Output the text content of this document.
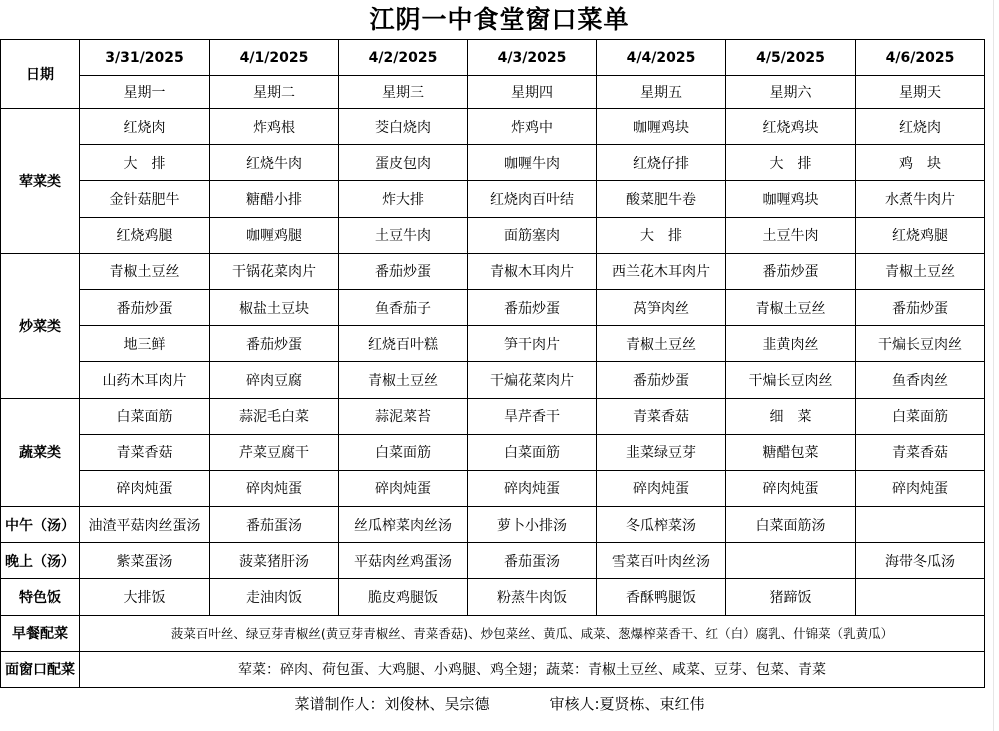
江阴一中食堂窗口菜单
日期	3/31/2025	4/1/2025	4/2/2025	4/3/2025	4/4/2025	4/5/2025	4/6/2025
	星期一	星期二	星期三	星期四	星期五	星期六	星期天
荤菜类	红烧肉	炸鸡根	茭白烧肉	炸鸡中	咖喱鸡块	红烧鸡块	红烧肉
	大　排	红烧牛肉	蛋皮包肉	咖喱牛肉	红烧仔排	大　排	鸡　块
	金针菇肥牛	糖醋小排	炸大排	红烧肉百叶结	酸菜肥牛卷	咖喱鸡块	水煮牛肉片
	红烧鸡腿	咖喱鸡腿	土豆牛肉	面筋塞肉	大　排	土豆牛肉	红烧鸡腿
炒菜类	青椒土豆丝	干锅花菜肉片	番茄炒蛋	青椒木耳肉片	西兰花木耳肉片	番茄炒蛋	青椒土豆丝
	番茄炒蛋	椒盐土豆块	鱼香茄子	番茄炒蛋	莴笋肉丝	青椒土豆丝	番茄炒蛋
	地三鲜	番茄炒蛋	红烧百叶糕	笋干肉片	青椒土豆丝	韭黄肉丝	干煸长豆肉丝
	山药木耳肉片	碎肉豆腐	青椒土豆丝	干煸花菜肉片	番茄炒蛋	干煸长豆肉丝	鱼香肉丝
蔬菜类	白菜面筋	蒜泥毛白菜	蒜泥菜苔	旱芹香干	青菜香菇	细　菜	白菜面筋
	青菜香菇	芹菜豆腐干	白菜面筋	白菜面筋	韭菜绿豆芽	糖醋包菜	青菜香菇
	碎肉炖蛋	碎肉炖蛋	碎肉炖蛋	碎肉炖蛋	碎肉炖蛋	碎肉炖蛋	碎肉炖蛋
中午（汤）	油渣平菇肉丝蛋汤	番茄蛋汤	丝瓜榨菜肉丝汤	萝卜小排汤	冬瓜榨菜汤	白菜面筋汤	
晚上（汤）	紫菜蛋汤	菠菜猪肝汤	平菇肉丝鸡蛋汤	番茄蛋汤	雪菜百叶肉丝汤		海带冬瓜汤
特色饭	大排饭	走油肉饭	脆皮鸡腿饭	粉蒸牛肉饭	香酥鸭腿饭	猪蹄饭	
早餐配菜	菠菜百叶丝、绿豆芽青椒丝(黄豆芽青椒丝、青菜香菇)、炒包菜丝、黄瓜、咸菜、葱爆榨菜香干、红（白）腐乳、什锦菜（乳黄瓜）						
面窗口配菜	荤菜：碎肉、荷包蛋、大鸡腿、小鸡腿、鸡全翅；蔬菜：青椒土豆丝、咸菜、豆芽、包菜、青菜						
菜谱制作人：刘俊林、吴宗德	审核人:夏贤栋、束红伟
